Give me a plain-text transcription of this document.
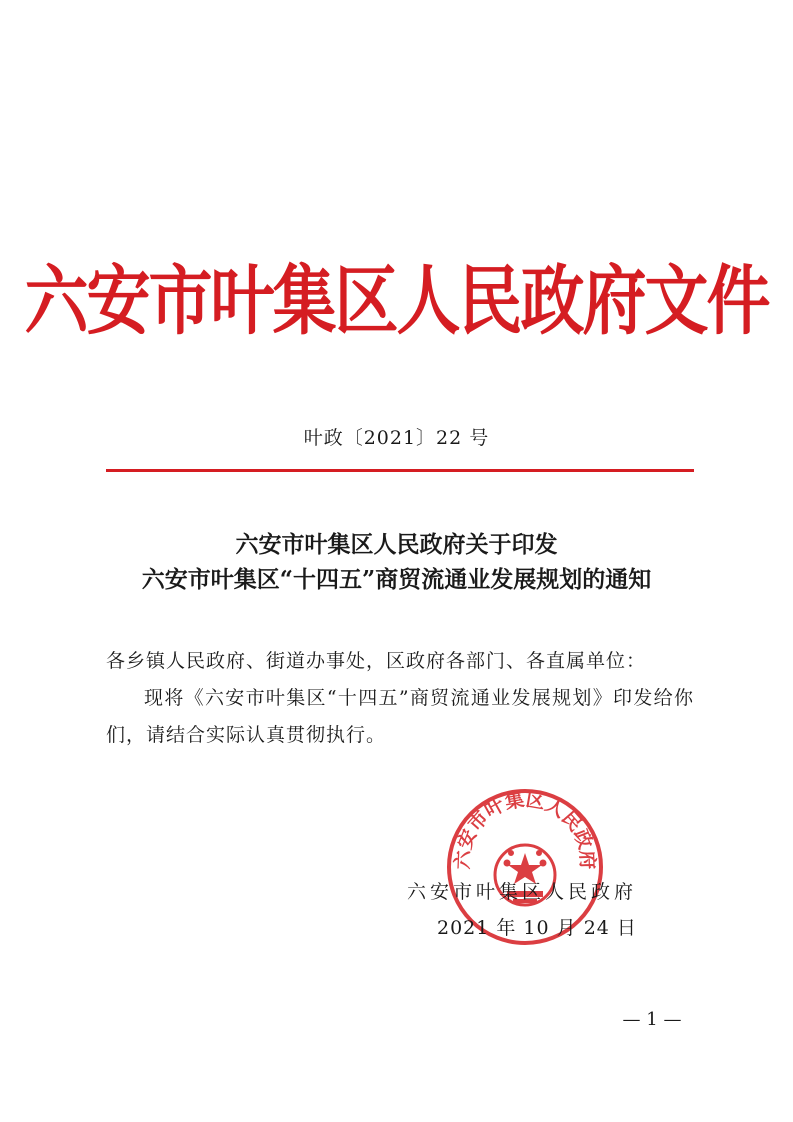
六安市叶集区人民政府文件
叶政〔2021〕22 号
六安市叶集区人民政府关于印发
六安市叶集区“十四五”商贸流通业发展规划的通知

各乡镇人民政府、街道办事处，区政府各部门、各直属单位：

现将《六安市叶集区“十四五”商贸流通业发展规划》印发给你们，请结合实际认真贯彻执行。

六安市叶集区人民政府
六安市叶集区人民政府
2021 年 10 月 24 日
— 1 —
